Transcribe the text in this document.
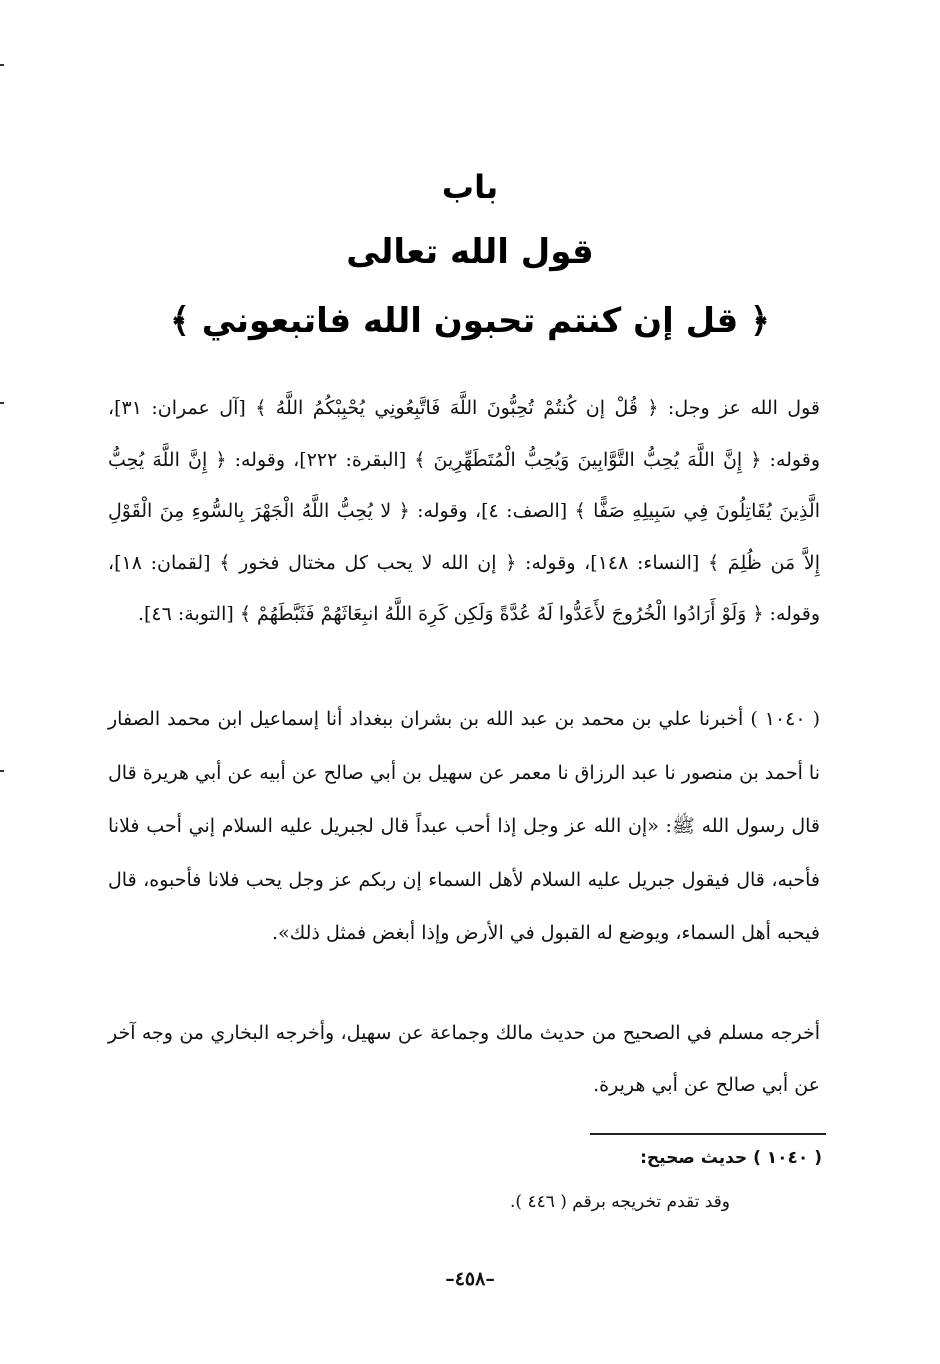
باب
قول الله تعالى
﴿ قل إن كنتم تحبون الله فاتبعوني ﴾
قول الله عز وجل: ﴿ قُلْ إن كُنتُمْ تُحِبُّونَ اللَّهَ فَاتَّبِعُونِي يُحْبِبْكُمُ اللَّهُ ﴾ [آل عمران: ٣١]، وقوله: ﴿ إِنَّ اللَّهَ يُحِبُّ التَّوَّابِينَ وَيُحِبُّ الْمُتَطَهِّرِينَ ﴾ [البقرة: ٢٢٢]، وقوله: ﴿ إِنَّ اللَّهَ يُحِبُّ الَّذِينَ يُقَاتِلُونَ فِي سَبِيلِهِ صَفًّا ﴾ [الصف: ٤]، وقوله: ﴿ لا يُحِبُّ اللَّهُ الْجَهْرَ بِالسُّوءِ مِنَ الْقَوْلِ إِلاَّ مَن ظُلِمَ ﴾ [النساء: ١٤٨]، وقوله: ﴿ إن الله لا يحب كل مختال فخور ﴾ [لقمان: ١٨]، وقوله: ﴿ وَلَوْ أَرَادُوا الْخُرُوجَ لأَعَدُّوا لَهُ عُدَّةً وَلَكِن كَرِهَ اللَّهُ انبِعَاثَهُمْ فَثَبَّطَهُمْ ﴾ [التوبة: ٤٦].
( ١٠٤٠ ) أخبرنا علي بن محمد بن عبد الله بن بشران ببغداد أنا إسماعيل ابن محمد الصفار نا أحمد بن منصور نا عبد الرزاق نا معمر عن سهيل بن أبي صالح عن أبيه عن أبي هريرة قال قال رسول الله ﷺ: «إن الله عز وجل إذا أحب عبداً قال لجبريل عليه السلام إني أحب فلانا فأحبه، قال فيقول جبريل عليه السلام لأهل السماء إن ربكم عز وجل يحب فلانا فأحبوه، قال فيحبه أهل السماء، ويوضع له القبول في الأرض وإذا أبغض فمثل ذلك».
أخرجه مسلم في الصحيح من حديث مالك وجماعة عن سهيل، وأخرجه البخاري من وجه آخر عن أبي صالح عن أبي هريرة.
( ١٠٤٠ ) حديث صحيح:
وقد تقدم تخريجه برقم ( ٤٤٦ ).
–٤٥٨–
